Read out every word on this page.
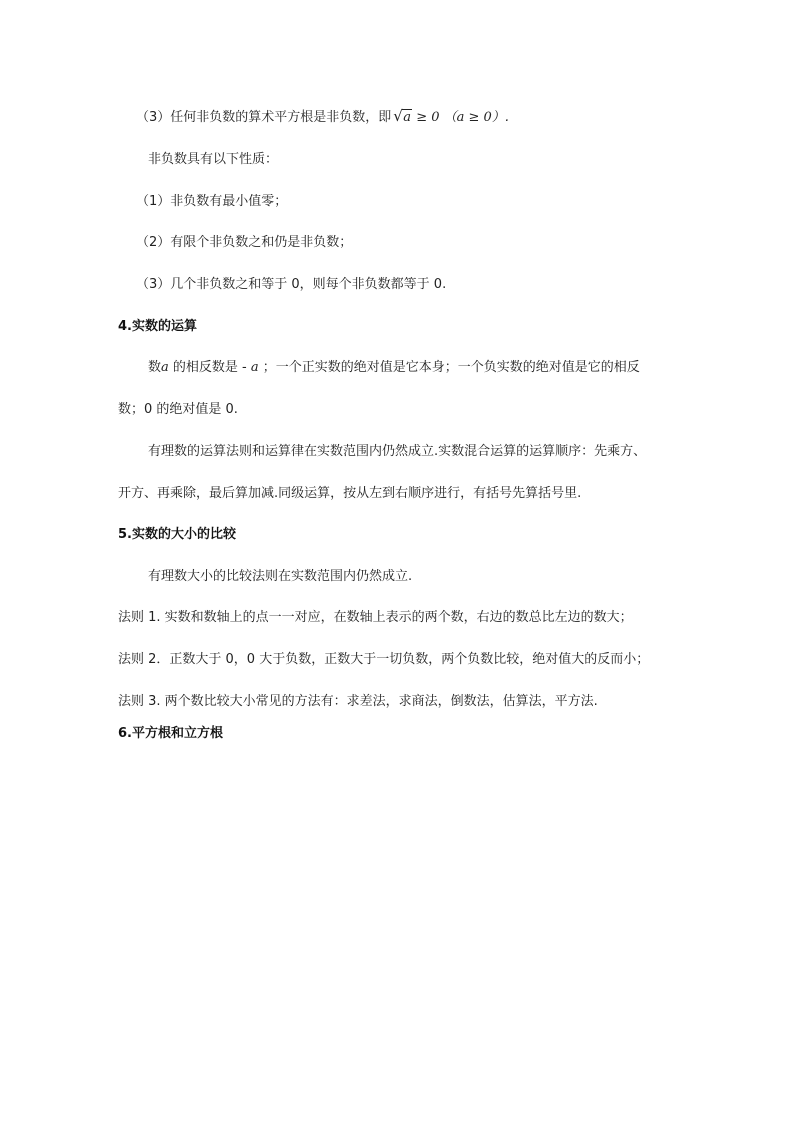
（3）任何非负数的算术平方根是非负数，即 √ a ≥ 0 （a ≥ 0）.
非负数具有以下性质：
（1）非负数有最小值零；
（2）有限个非负数之和仍是非负数；
（3）几个非负数之和等于 0，则每个非负数都等于 0.
4.实数的运算
数a 的相反数是 - a ；一个正实数的绝对值是它本身；一个负实数的绝对值是它的相反
数；0 的绝对值是 0.
有理数的运算法则和运算律在实数范围内仍然成立.实数混合运算的运算顺序：先乘方、
开方、再乘除，最后算加减.同级运算，按从左到右顺序进行，有括号先算括号里.
5.实数的大小的比较
有理数大小的比较法则在实数范围内仍然成立.
法则 1. 实数和数轴上的点一一对应，在数轴上表示的两个数，右边的数总比左边的数大；
法则 2．正数大于 0，0 大于负数，正数大于一切负数，两个负数比较，绝对值大的反而小；
法则 3. 两个数比较大小常见的方法有：求差法，求商法，倒数法，估算法，平方法.
6.平方根和立方根
